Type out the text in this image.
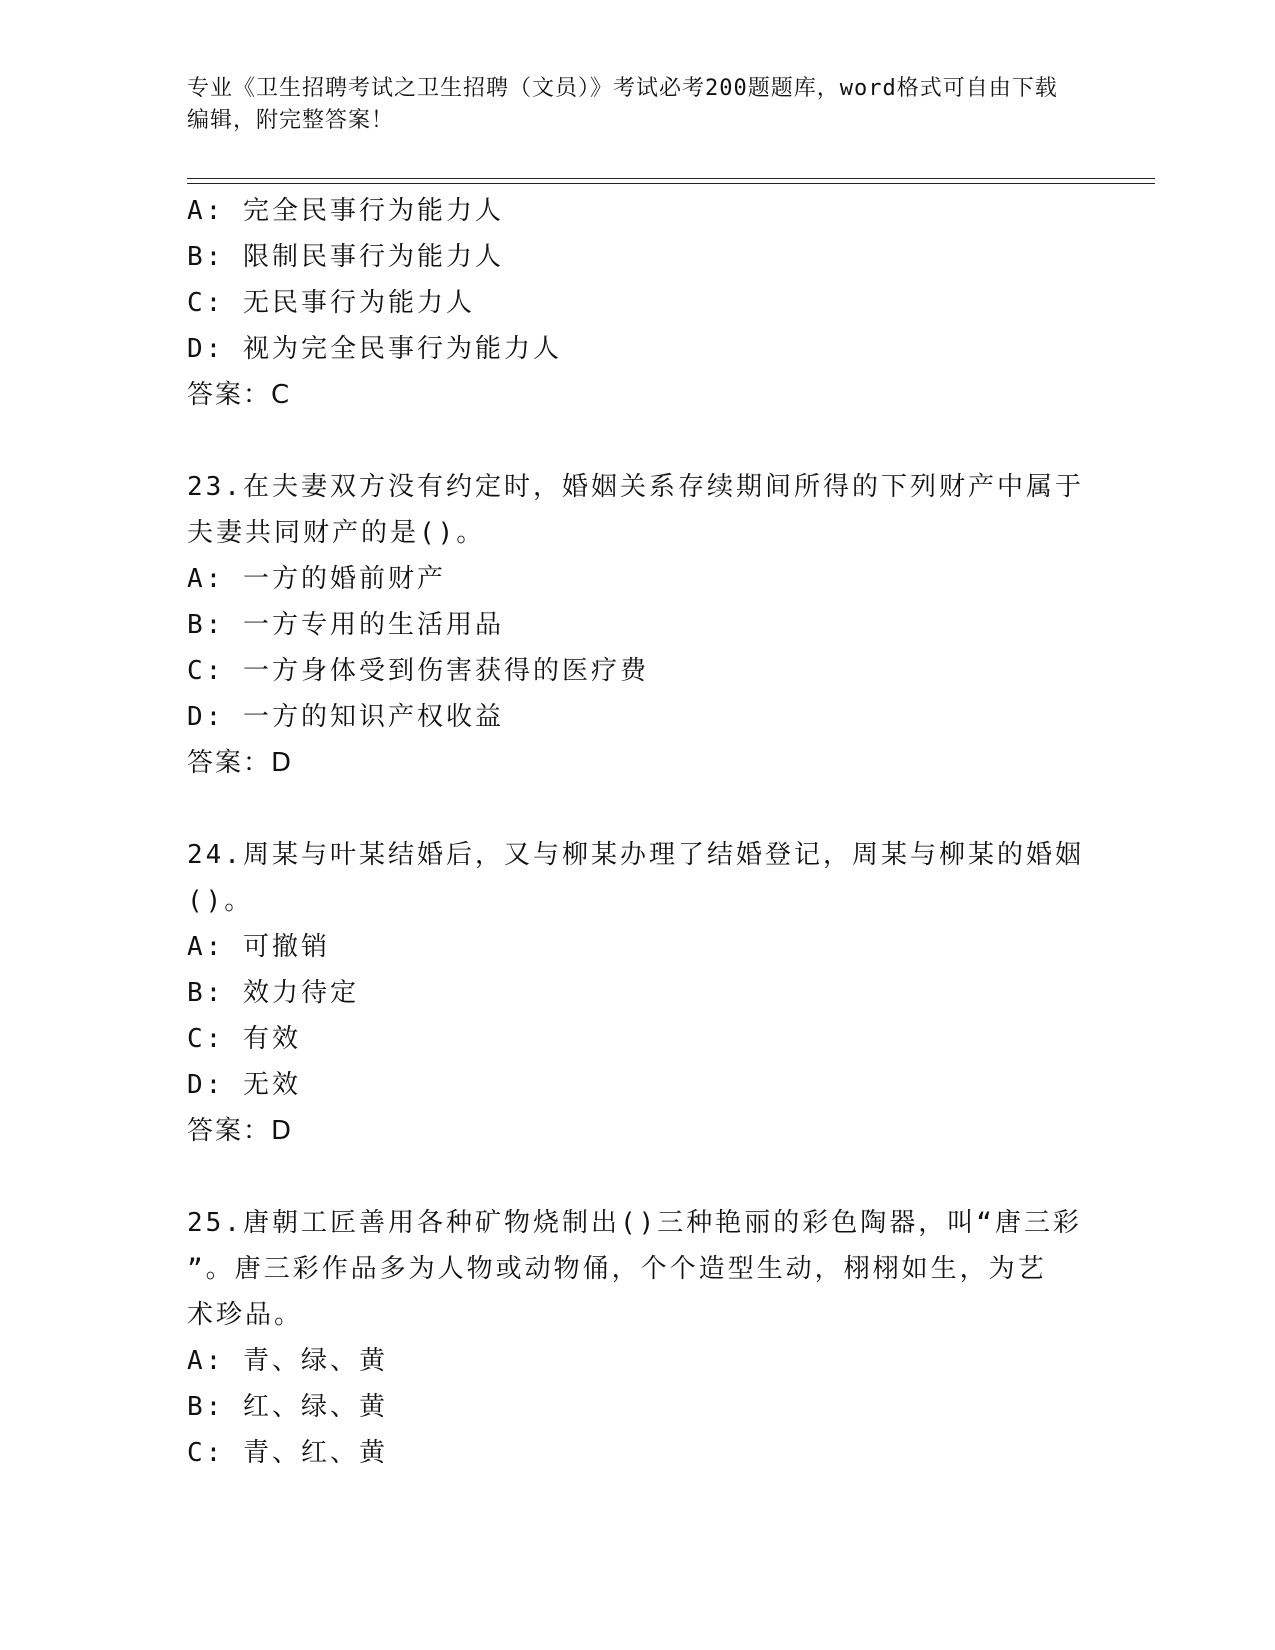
专业《卫生招聘考试之卫生招聘（文员）》考试必考200题题库，word格式可自由下载编辑，附完整答案！
A: 完全民事行为能力人
B: 限制民事行为能力人
C: 无民事行为能力人
D: 视为完全民事行为能力人
答案：C
23.在夫妻双方没有约定时，婚姻关系存续期间所得的下列财产中属于
夫妻共同财产的是()。
A: 一方的婚前财产
B: 一方专用的生活用品
C: 一方身体受到伤害获得的医疗费
D: 一方的知识产权收益
答案：D
24.周某与叶某结婚后，又与柳某办理了结婚登记，周某与柳某的婚姻
()。
A: 可撤销
B: 效力待定
C: 有效
D: 无效
答案：D
25.唐朝工匠善用各种矿物烧制出()三种艳丽的彩色陶器，叫“唐三彩
”。唐三彩作品多为人物或动物俑，个个造型生动，栩栩如生，为艺
术珍品。
A: 青、绿、黄
B: 红、绿、黄
C: 青、红、黄
